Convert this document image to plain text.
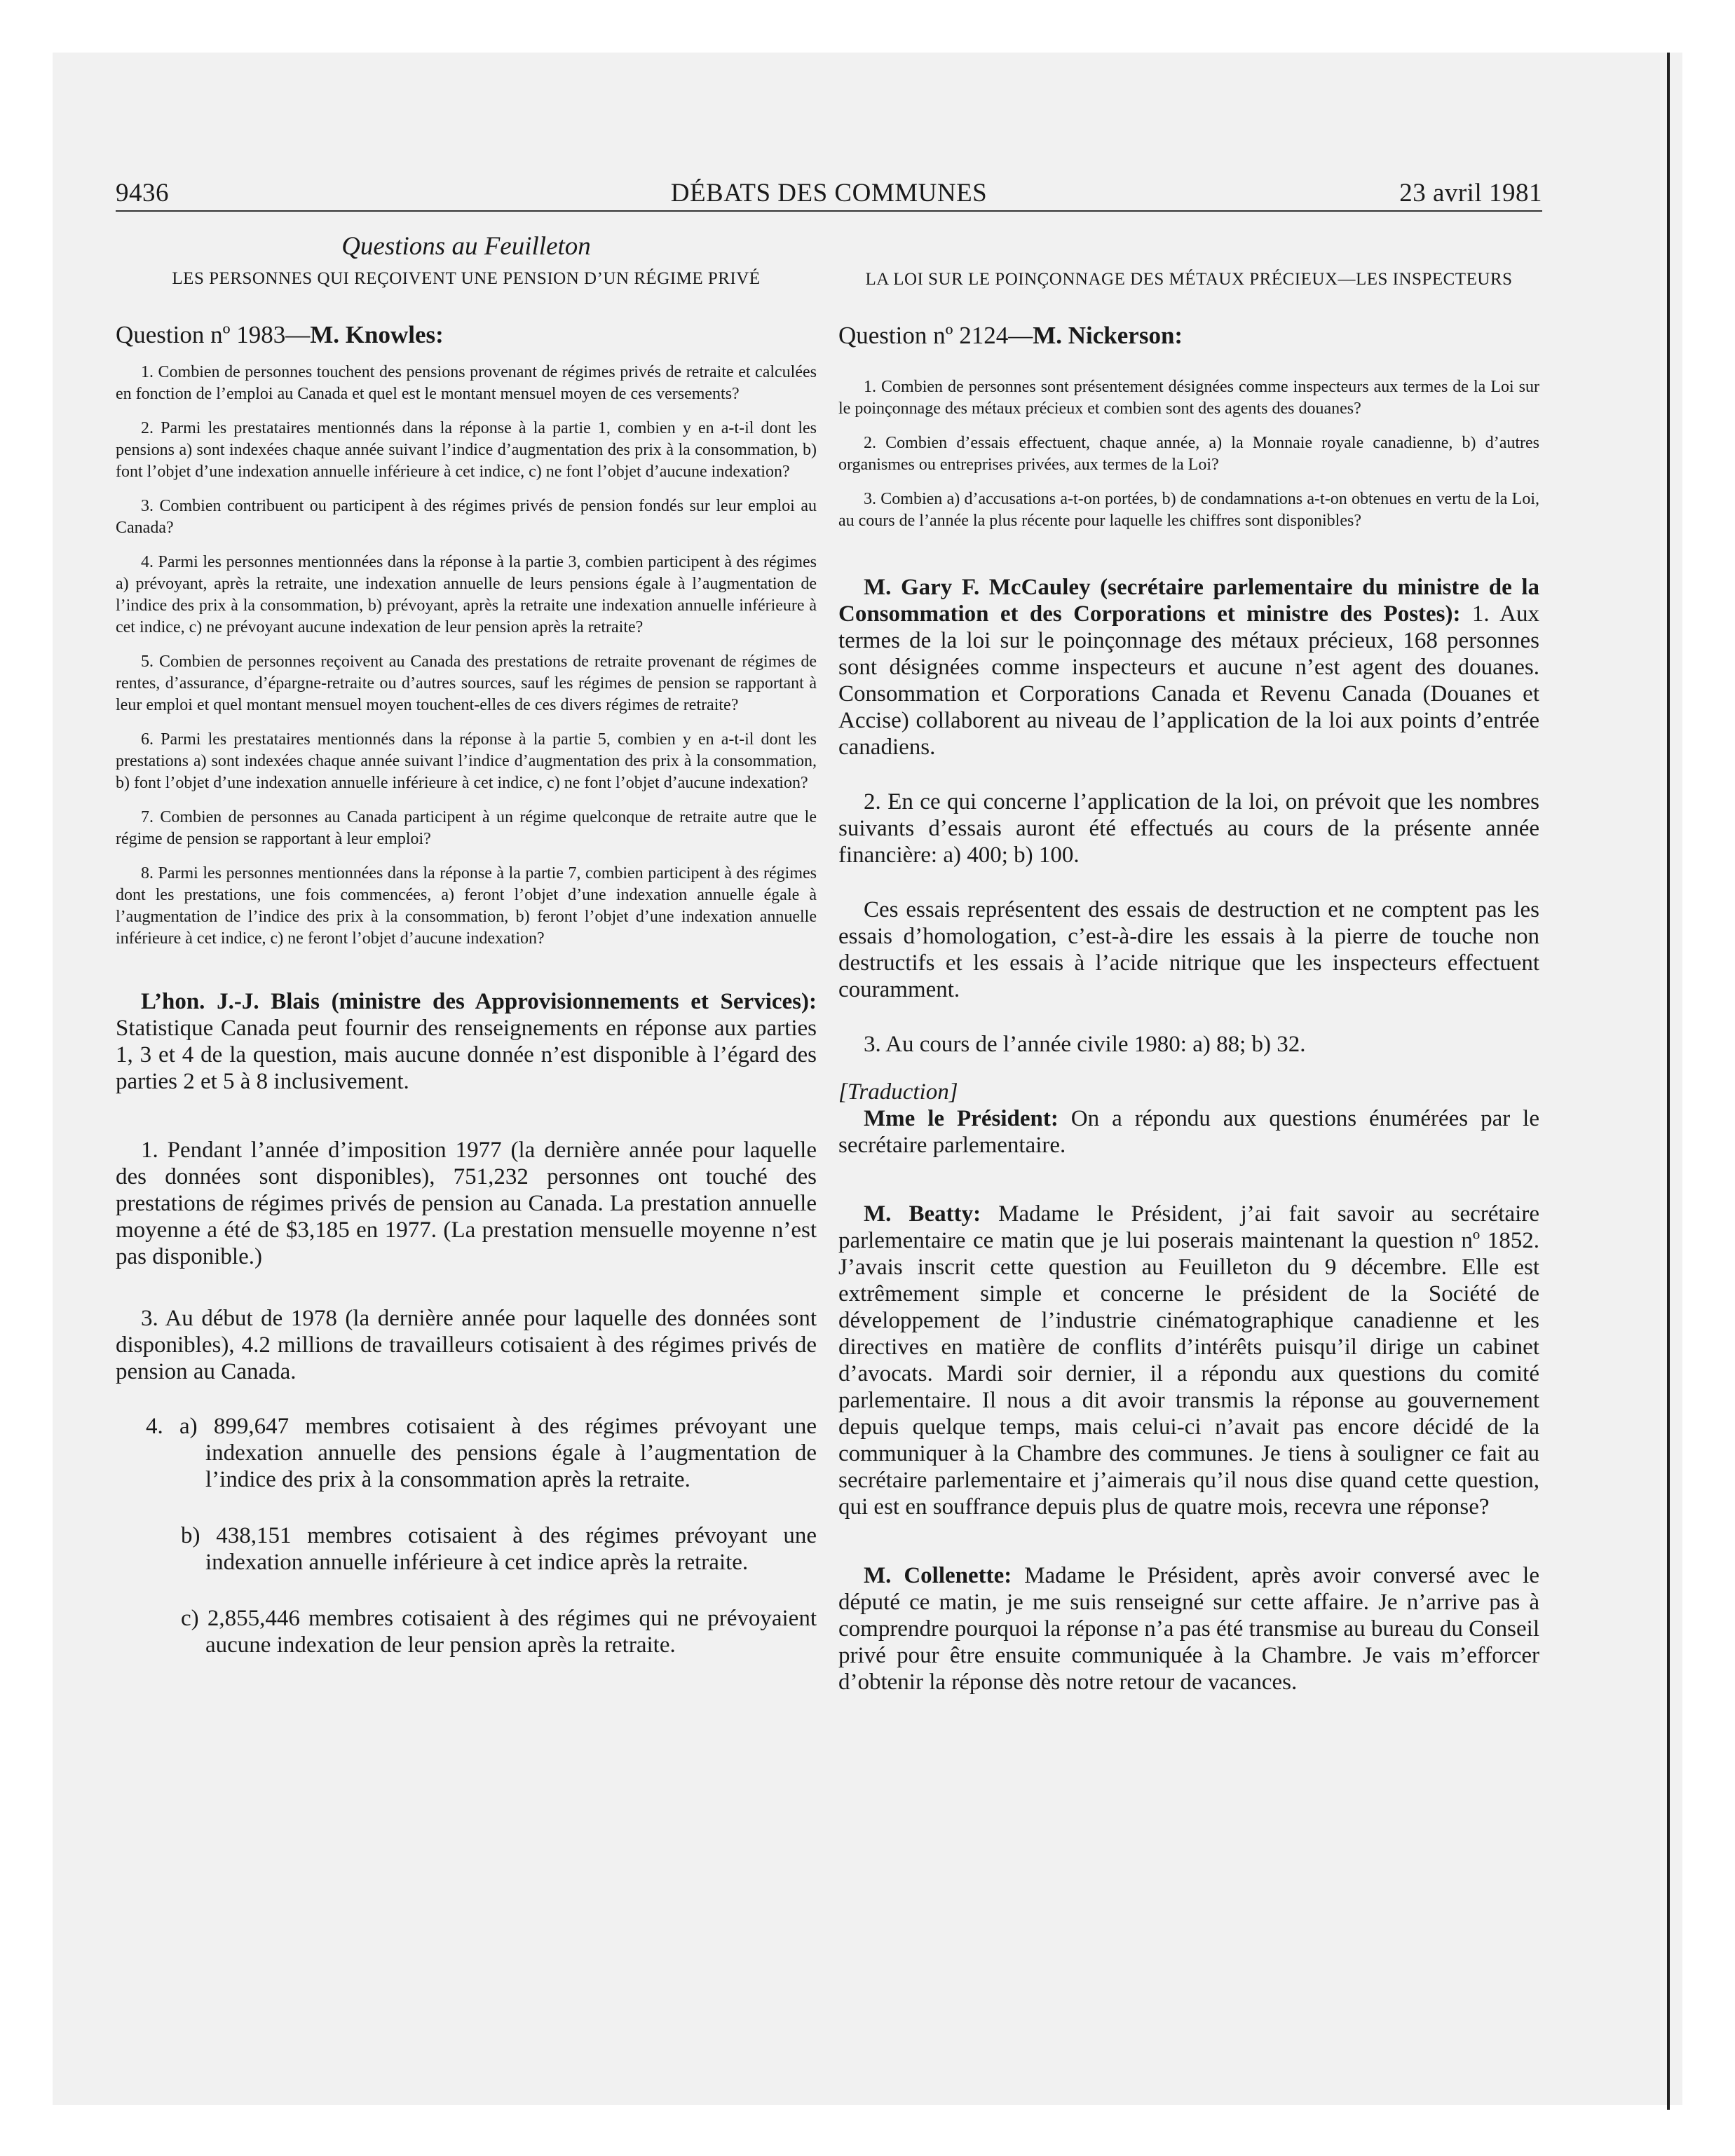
9436	DÉBATS DES COMMUNES	23 avril 1981

Questions au Feuilleton

LES PERSONNES QUI REÇOIVENT UNE PENSION D’UN RÉGIME PRIVÉ

Question nº 1983—M. Knowles:

1. Combien de personnes touchent des pensions provenant de régimes privés de retraite et calculées en fonction de l’emploi au Canada et quel est le montant mensuel moyen de ces versements?

2. Parmi les prestataires mentionnés dans la réponse à la partie 1, combien y en a-t-il dont les pensions a) sont indexées chaque année suivant l’indice d’augmentation des prix à la consommation, b) font l’objet d’une indexation annuelle inférieure à cet indice, c) ne font l’objet d’aucune indexation?

3. Combien contribuent ou participent à des régimes privés de pension fondés sur leur emploi au Canada?

4. Parmi les personnes mentionnées dans la réponse à la partie 3, combien participent à des régimes a) prévoyant, après la retraite, une indexation annuelle de leurs pensions égale à l’augmentation de l’indice des prix à la consommation, b) prévoyant, après la retraite une indexation annuelle inférieure à cet indice, c) ne prévoyant aucune indexation de leur pension après la retraite?

5. Combien de personnes reçoivent au Canada des prestations de retraite provenant de régimes de rentes, d’assurance, d’épargne-retraite ou d’autres sources, sauf les régimes de pension se rapportant à leur emploi et quel montant mensuel moyen touchent-elles de ces divers régimes de retraite?

6. Parmi les prestataires mentionnés dans la réponse à la partie 5, combien y en a-t-il dont les prestations a) sont indexées chaque année suivant l’indice d’augmentation des prix à la consommation, b) font l’objet d’une indexation annuelle inférieure à cet indice, c) ne font l’objet d’aucune indexation?

7. Combien de personnes au Canada participent à un régime quelconque de retraite autre que le régime de pension se rapportant à leur emploi?

8. Parmi les personnes mentionnées dans la réponse à la partie 7, combien participent à des régimes dont les prestations, une fois commencées, a) feront l’objet d’une indexation annuelle égale à l’augmentation de l’indice des prix à la consommation, b) feront l’objet d’une indexation annuelle inférieure à cet indice, c) ne feront l’objet d’aucune indexation?

L’hon. J.-J. Blais (ministre des Approvisionnements et Services): Statistique Canada peut fournir des renseignements en réponse aux parties 1, 3 et 4 de la question, mais aucune donnée n’est disponible à l’égard des parties 2 et 5 à 8 inclusivement.

1. Pendant l’année d’imposition 1977 (la dernière année pour laquelle des données sont disponibles), 751,232 personnes ont touché des prestations de régimes privés de pension au Canada. La prestation annuelle moyenne a été de $3,185 en 1977. (La prestation mensuelle moyenne n’est pas disponible.)

3. Au début de 1978 (la dernière année pour laquelle des données sont disponibles), 4.2 millions de travailleurs cotisaient à des régimes privés de pension au Canada.

4. a) 899,647 membres cotisaient à des régimes prévoyant une indexation annuelle des pensions égale à l’augmentation de l’indice des prix à la consommation après la retraite.

b) 438,151 membres cotisaient à des régimes prévoyant une indexation annuelle inférieure à cet indice après la retraite.

c) 2,855,446 membres cotisaient à des régimes qui ne prévoyaient aucune indexation de leur pension après la retraite.

LA LOI SUR LE POINÇONNAGE DES MÉTAUX PRÉCIEUX—LES INSPECTEURS

Question nº 2124—M. Nickerson:

1. Combien de personnes sont présentement désignées comme inspecteurs aux termes de la Loi sur le poinçonnage des métaux précieux et combien sont des agents des douanes?

2. Combien d’essais effectuent, chaque année, a) la Monnaie royale canadienne, b) d’autres organismes ou entreprises privées, aux termes de la Loi?

3. Combien a) d’accusations a-t-on portées, b) de condamnations a-t-on obtenues en vertu de la Loi, au cours de l’année la plus récente pour laquelle les chiffres sont disponibles?

M. Gary F. McCauley (secrétaire parlementaire du ministre de la Consommation et des Corporations et ministre des Postes): 1. Aux termes de la loi sur le poinçonnage des métaux précieux, 168 personnes sont désignées comme inspecteurs et aucune n’est agent des douanes. Consommation et Corporations Canada et Revenu Canada (Douanes et Accise) collaborent au niveau de l’application de la loi aux points d’entrée canadiens.

2. En ce qui concerne l’application de la loi, on prévoit que les nombres suivants d’essais auront été effectués au cours de la présente année financière: a) 400; b) 100.

Ces essais représentent des essais de destruction et ne comptent pas les essais d’homologation, c’est-à-dire les essais à la pierre de touche non destructifs et les essais à l’acide nitrique que les inspecteurs effectuent couramment.

3. Au cours de l’année civile 1980: a) 88; b) 32.

[Traduction]

Mme le Président: On a répondu aux questions énumérées par le secrétaire parlementaire.

M. Beatty: Madame le Président, j’ai fait savoir au secrétaire parlementaire ce matin que je lui poserais maintenant la question nº 1852. J’avais inscrit cette question au Feuilleton du 9 décembre. Elle est extrêmement simple et concerne le président de la Société de développement de l’industrie cinématographique canadienne et les directives en matière de conflits d’intérêts puisqu’il dirige un cabinet d’avocats. Mardi soir dernier, il a répondu aux questions du comité parlementaire. Il nous a dit avoir transmis la réponse au gouvernement depuis quelque temps, mais celui-ci n’avait pas encore décidé de la communiquer à la Chambre des communes. Je tiens à souligner ce fait au secrétaire parlementaire et j’aimerais qu’il nous dise quand cette question, qui est en souffrance depuis plus de quatre mois, recevra une réponse?

M. Collenette: Madame le Président, après avoir conversé avec le député ce matin, je me suis renseigné sur cette affaire. Je n’arrive pas à comprendre pourquoi la réponse n’a pas été transmise au bureau du Conseil privé pour être ensuite communiquée à la Chambre. Je vais m’efforcer d’obtenir la réponse dès notre retour de vacances.
